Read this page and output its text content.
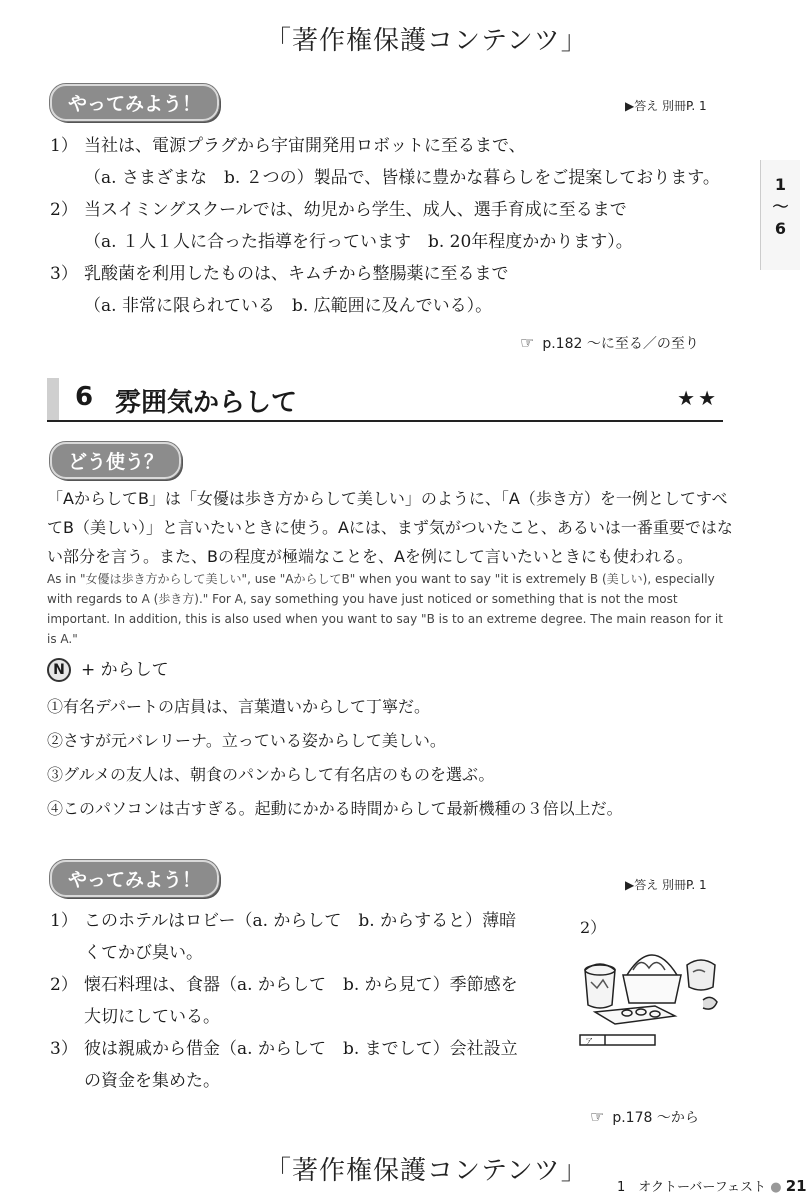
「著作権保護コンテンツ」
1
〜
6
やってみよう！	▶答え 別冊P. 1
1） 当社は、電源プラグから宇宙開発用ロボットに至るまで、
（a. さまざまな　b. ２つの）製品で、皆様に豊かな暮らしをご提案しております。
2） 当スイミングスクールでは、幼児から学生、成人、選手育成に至るまで
（a. １人１人に合った指導を行っています　b. 20年程度かかります）。
3） 乳酸菌を利用したものは、キムチから整腸薬に至るまで
（a. 非常に限られている　b. 広範囲に及んでいる）。
☞ p.182 〜に至る／の至り
6 雰囲気からして	★★
どう使う？
「AからしてB」は「女優は歩き方からして美しい」のように、「A（歩き方）を一例としてすべてB（美しい）」と言いたいときに使う。Aには、まず気がついたこと、あるいは一番重要ではない部分を言う。また、Bの程度が極端なことを、Aを例にして言いたいときにも使われる。
As in "女優は歩き方からして美しい", use "AからしてB" when you want to say "it is extremely B (美しい), especially with regards to A (歩き方)." For A, say something you have just noticed or something that is not the most important. In addition, this is also used when you want to say "B is to an extreme degree. The main reason for it is A."
N + からして
①有名デパートの店員は、言葉遣いからして丁寧だ。
②さすが元バレリーナ。立っている姿からして美しい。
③グルメの友人は、朝食のパンからして有名店のものを選ぶ。
④このパソコンは古すぎる。起動にかかる時間からして最新機種の３倍以上だ。
やってみよう！	▶答え 別冊P. 1
1） このホテルはロビー（a. からして　b. からすると）薄暗
くてかび臭い。
2） 懐石料理は、食器（a. からして　b. から見て）季節感を
大切にしている。
3） 彼は親戚から借金（a. からして　b. までして）会社設立
の資金を集めた。
2）
ア
☞ p.178 〜から
「著作権保護コンテンツ」
1　オクトーバーフェスト ● 21
